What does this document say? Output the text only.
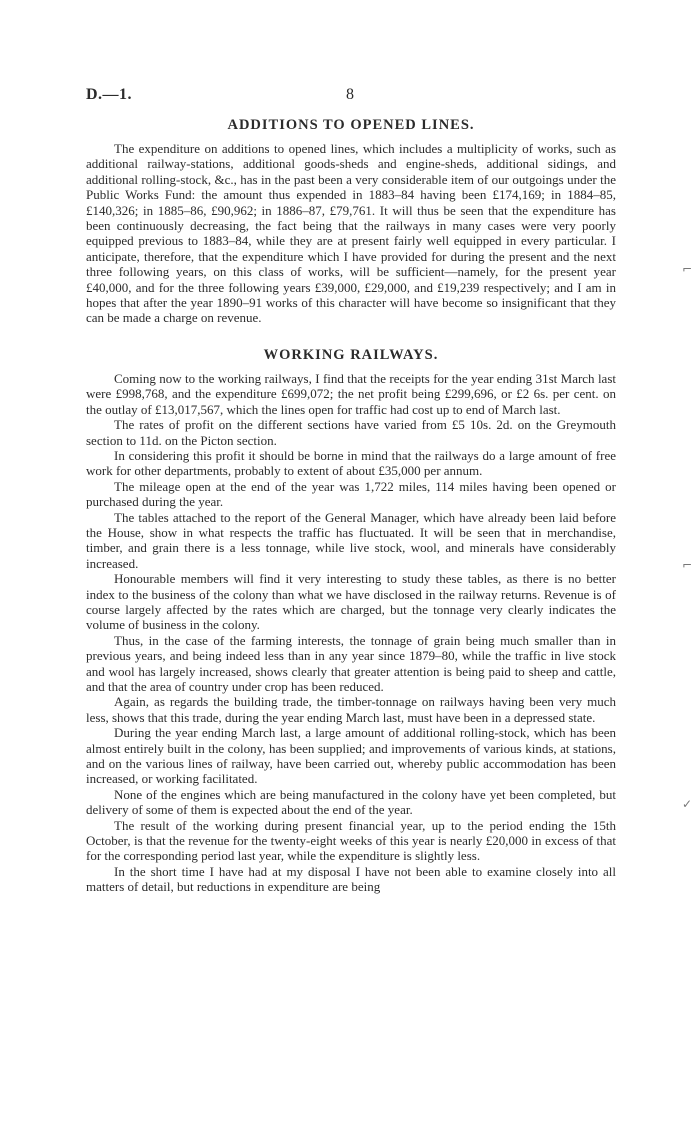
D.—1.	8
ADDITIONS TO OPENED LINES.

The expenditure on additions to opened lines, which includes a multiplicity of works, such as additional railway-stations, additional goods-sheds and engine-sheds, additional sidings, and additional rolling-stock, &c., has in the past been a very considerable item of our outgoings under the Public Works Fund: the amount thus expended in 1883–84 having been £174,169; in 1884–85, £140,326; in 1885–86, £90,962; in 1886–87, £79,761. It will thus be seen that the expenditure has been continuously decreasing, the fact being that the railways in many cases were very poorly equipped previous to 1883–84, while they are at present fairly well equipped in every particular. I anticipate, therefore, that the expenditure which I have provided for during the present and the next three following years, on this class of works, will be sufficient—namely, for the present year £40,000, and for the three following years £39,000, £29,000, and £19,239 respectively; and I am in hopes that after the year 1890–91 works of this character will have become so insignificant that they can be made a charge on revenue.

WORKING RAILWAYS.

Coming now to the working railways, I find that the receipts for the year ending 31st March last were £998,768, and the expenditure £699,072; the net profit being £299,696, or £2 6s. per cent. on the outlay of £13,017,567, which the lines open for traffic had cost up to end of March last.

The rates of profit on the different sections have varied from £5 10s. 2d. on the Greymouth section to 11d. on the Picton section.

In considering this profit it should be borne in mind that the railways do a large amount of free work for other departments, probably to extent of about £35,000 per annum.

The mileage open at the end of the year was 1,722 miles, 114 miles having been opened or purchased during the year.

The tables attached to the report of the General Manager, which have already been laid before the House, show in what respects the traffic has fluctuated. It will be seen that in merchandise, timber, and grain there is a less tonnage, while live stock, wool, and minerals have considerably increased.

Honourable members will find it very interesting to study these tables, as there is no better index to the business of the colony than what we have disclosed in the railway returns. Revenue is of course largely affected by the rates which are charged, but the tonnage very clearly indicates the volume of business in the colony.

Thus, in the case of the farming interests, the tonnage of grain being much smaller than in previous years, and being indeed less than in any year since 1879–80, while the traffic in live stock and wool has largely increased, shows clearly that greater attention is being paid to sheep and cattle, and that the area of country under crop has been reduced.

Again, as regards the building trade, the timber-tonnage on railways having been very much less, shows that this trade, during the year ending March last, must have been in a depressed state.

During the year ending March last, a large amount of additional rolling-stock, which has been almost entirely built in the colony, has been supplied; and improvements of various kinds, at stations, and on the various lines of railway, have been carried out, whereby public accommodation has been increased, or working facilitated.

None of the engines which are being manufactured in the colony have yet been completed, but delivery of some of them is expected about the end of the year.

The result of the working during present financial year, up to the period ending the 15th October, is that the revenue for the twenty-eight weeks of this year is nearly £20,000 in excess of that for the corresponding period last year, while the expenditure is slightly less.

In the short time I have had at my disposal I have not been able to examine closely into all matters of detail, but reductions in expenditure are being

⌐
⌐
✓
